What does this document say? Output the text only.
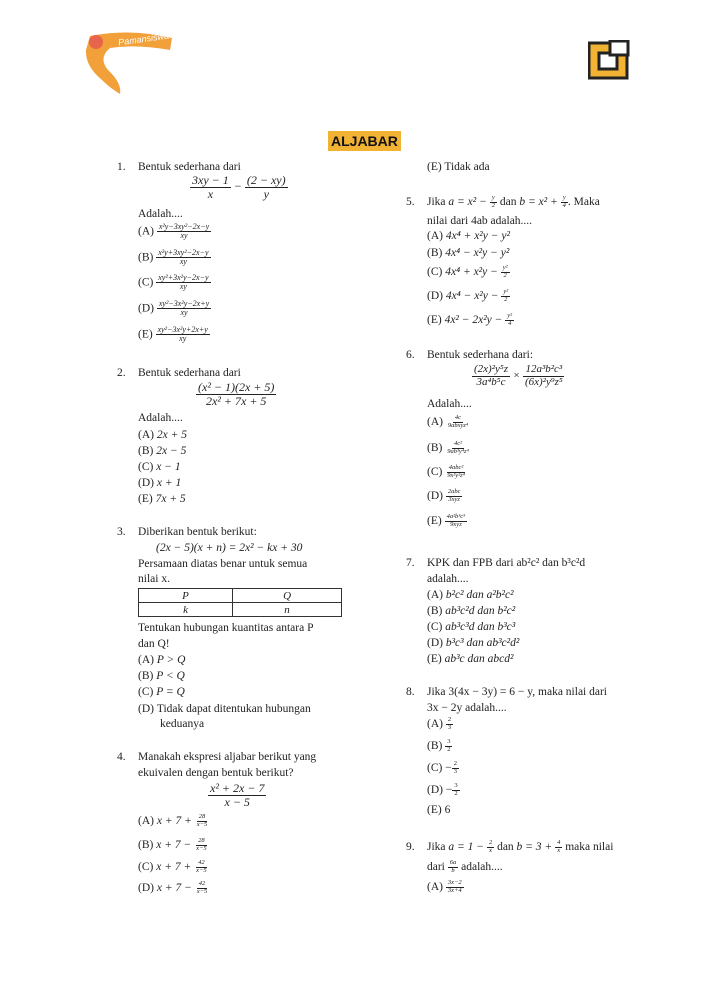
Pamansiswa
ALJABAR
1. Bentuk sederhana dari
$\frac{3xy - 1}{x} - \frac{(2 - xy)}{y}$
Adalah....
$(A) \frac{\text{x²y−3xy²−2x−y}}{xy}$
$(B) \frac{\text{x²y+3xy²−2x−y}}{xy}$
$(C) \frac{\text{xy²+3x²y−2x−y}}{xy}$
$(D) \frac{\text{xy²−3x²y−2x+y}}{xy}$
$(E) \frac{\text{xy²−3x²y+2x+y}}{xy}$
2. Bentuk sederhana dari
$\frac{\text{(x² − 1)(2x + 5)}}{\text{2x² + 7x + 5}}$
Adalah....
(A) 2x + 5
(B) 2x − 5
(C) x − 1
(D) x + 1
(E) 7x + 5
3. Diberikan bentuk berikut:
(2x − 5)(x + n) = 2x² − kx + 30
Persamaan diatas benar untuk semua
nilai x.
P	Q
k	n
Tentukan hubungan kuantitas antara P
dan Q!
(A) P > Q
(B) P < Q
(C) P = Q
(D) Tidak dapat ditentukan hubungan
keduanya
4. Manakah ekspresi aljabar berikut yang
ekuivalen dengan bentuk berikut?
$\frac{\text{x² + 2x − 7}}{x - 5}$
(A) $x + 7 + \frac{28}{x-5}$
(B) $x + 7 - \frac{28}{x-5}$
(C) $x + 7 + \frac{42}{x-5}$
(D) $x + 7 - \frac{42}{x-5}$
(E) Tidak ada
5. Jika $a = x^2 - \frac{y}{2}$ dan $b = x^2 + \frac{y}{4}$ . Maka
nilai dari 4ab adalah....
(A) 4x⁴ + x²y − y²
(B) 4x⁴ − x²y − y²
(C) $4x^4 + x^2y - \frac{\text{y²}}{2}$
(D) $4x^4 - x^2y - \frac{\text{y²}}{2}$
(E) $4x^2 - 2x^2y - \frac{\text{y²}}{4}$
6. Bentuk sederhana dari:
$\frac{\text{(2x)²y⁵z}}{\text{3a⁴b⁵c}} \times \frac{\text{12a³b²c³}}{\text{(6x)²y⁹z⁵}}$
Adalah....
$(A) \frac{4c}{\text{9abxyz⁴}}$
$(B) \frac{\text{4c²}}{\text{9ab³y⁴z⁴}}$
$(C) \frac{\text{4abc²}}{\text{9x²y²z⁴}}$
$(D) \frac{\text{2abc}}{\text{3xyz}}$
$(E) \frac{\text{4a²b³c⁵}}{\text{9xyz}}$
7. KPK dan FPB dari ab²c² dan b³c²d
adalah....
(A) b²c² dan a²b²c²
(B) ab³c²d dan b²c²
(C) ab³c³d dan b³c³
(D) b³c³ dan ab³c²d²
(E) ab³c dan abcd²
8. Jika 3(4x − 3y) = 6 − y, maka nilai dari
3x − 2y adalah....
$(A) \frac{2}{3}$
$(B) \frac{3}{2}$
$(C) - \frac{2}{3}$
$(D) - \frac{3}{2}$
(E) 6
9. Jika $a = 1 - \frac{2}{x}$ dan $b = 3 + \frac{4}{x}$ maka nilai
dari $\frac{6a}{b}$ adalah....
$(A) \frac{3x-2}{3x+4}$
